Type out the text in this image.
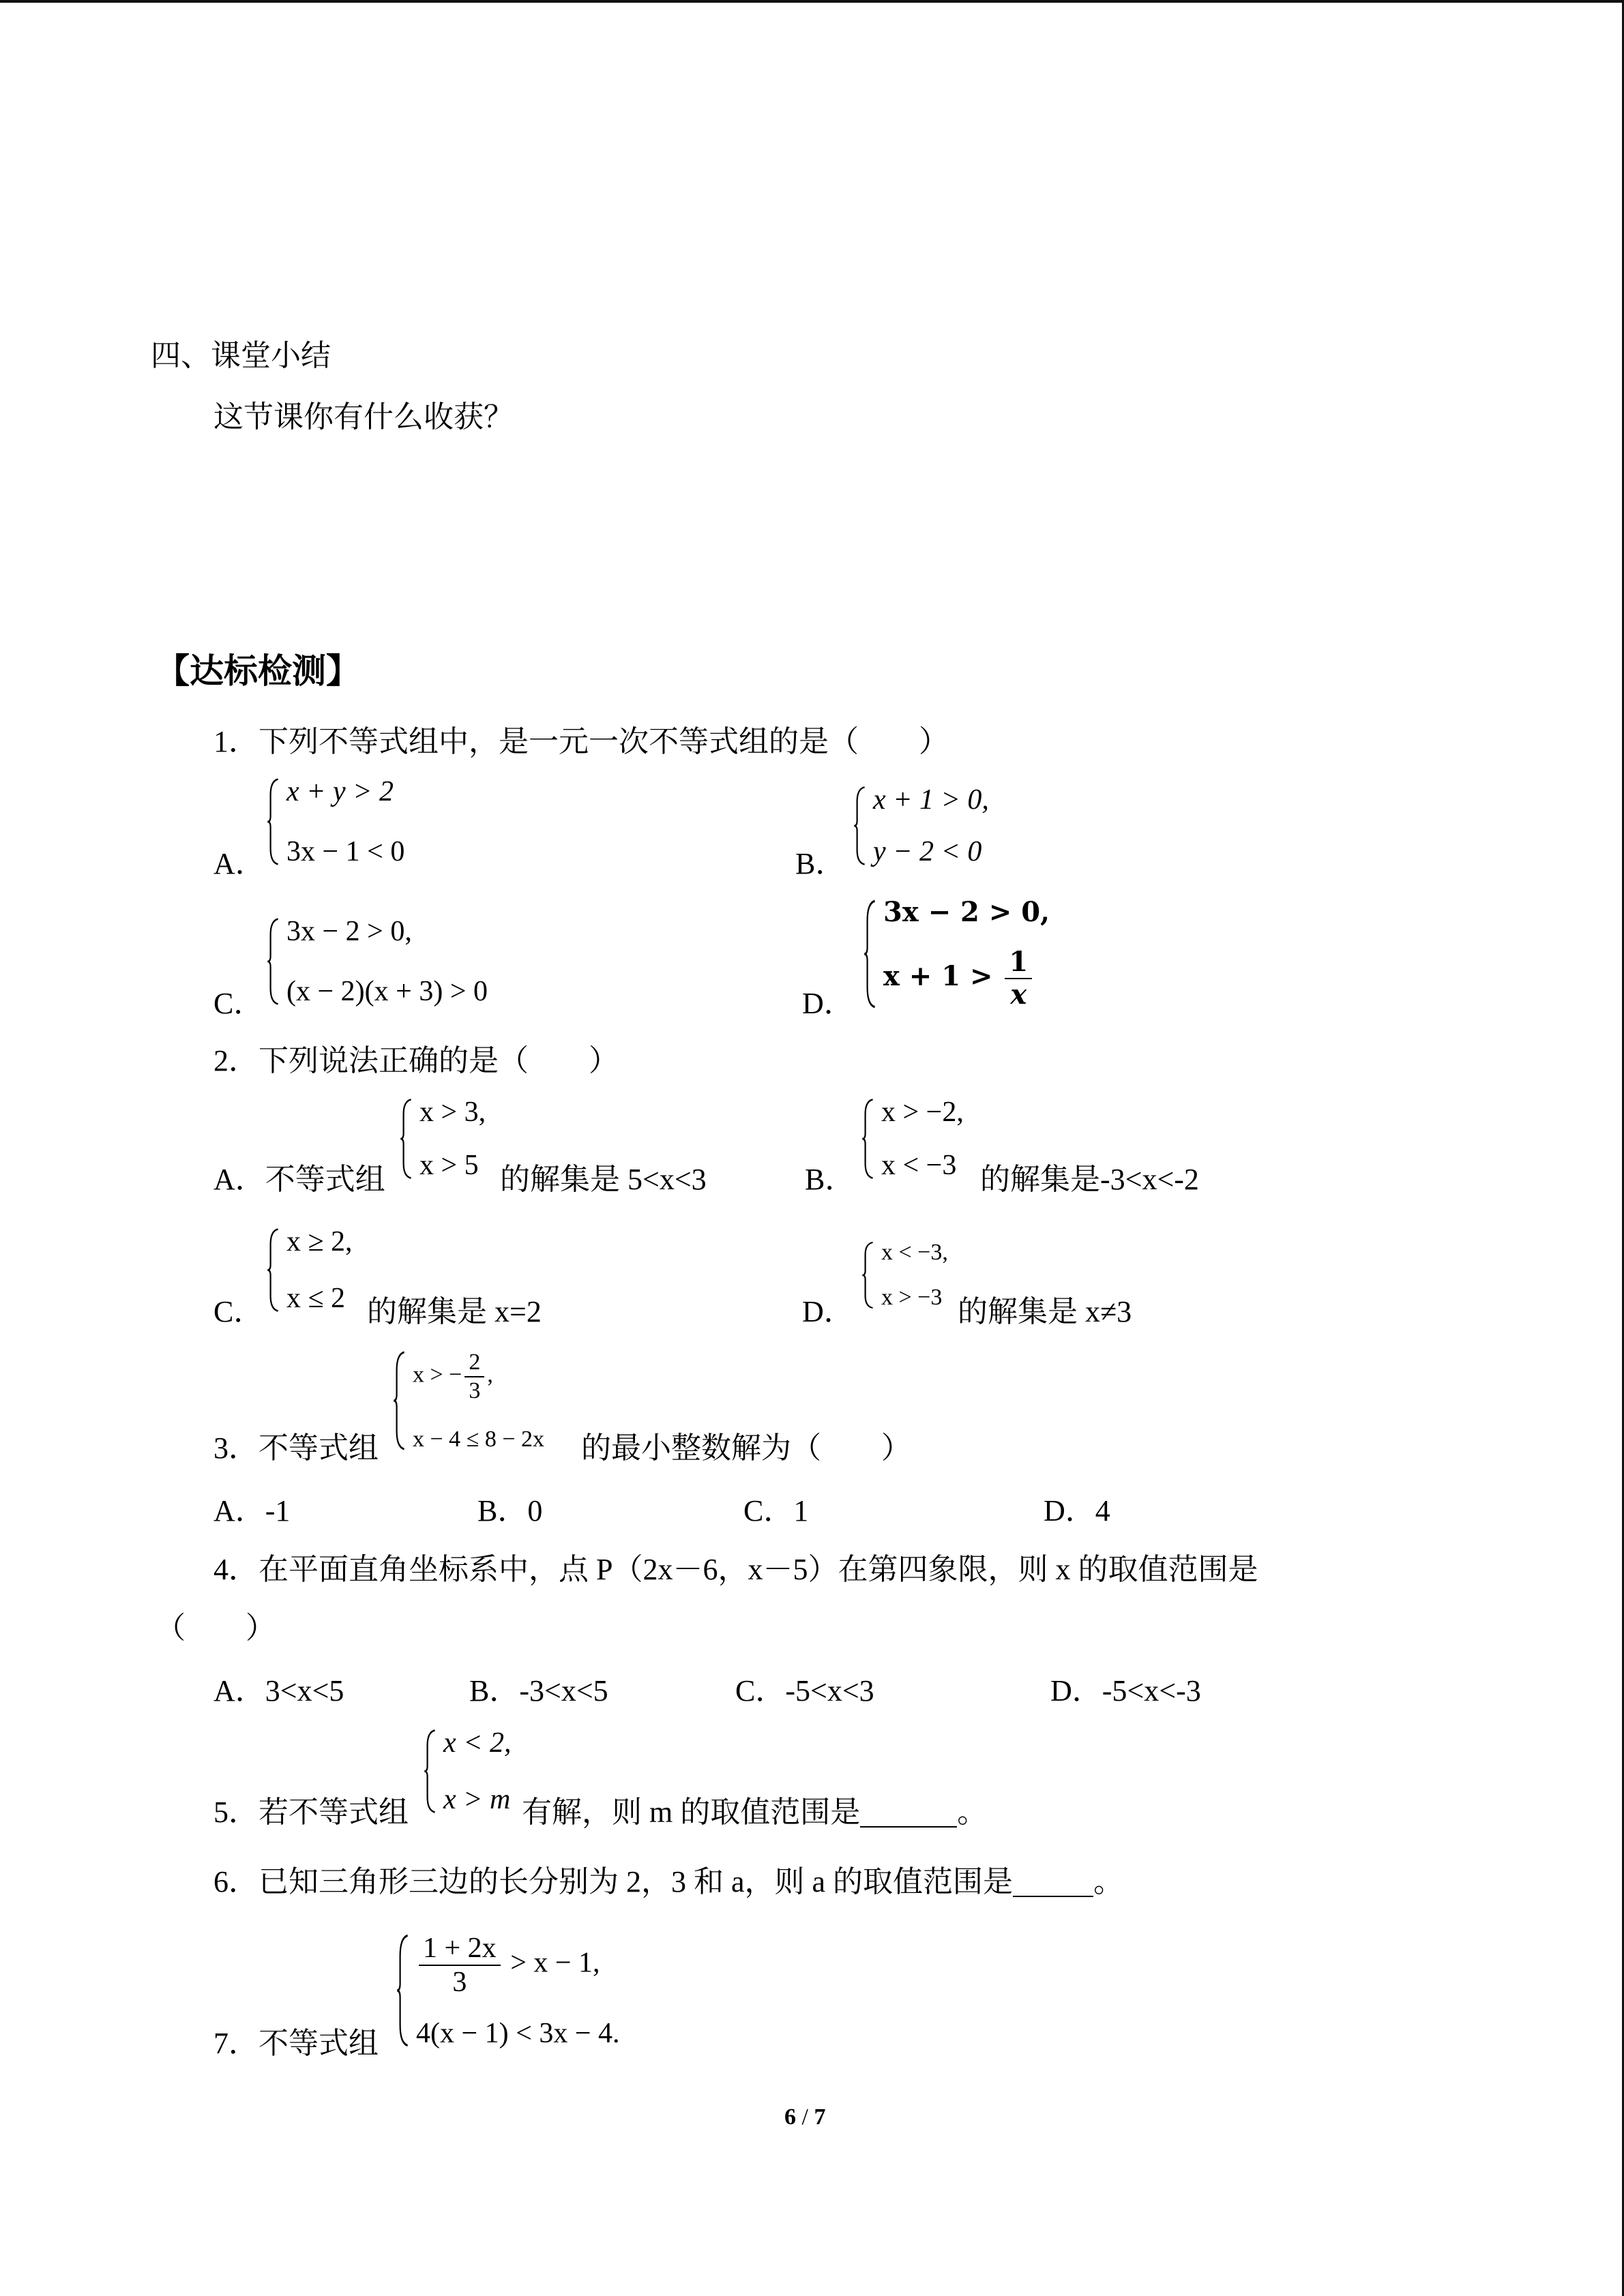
四、课堂小结
这节课你有什么收获？
【达标检测】
1．下列不等式组中，是一元一次不等式组的是（　　）
A．
x + y > 2
3x − 1 < 0	B．
x + 1 > 0,
y − 2 < 0
C．
3x − 2 > 0,
(x − 2)(x + 3) > 0	D．
3x − 2 > 0,
$x + 1 > \frac{1}{x}$
2．下列说法正确的是（　　）
A．不等式组
x > 3,
x > 5 的解集是 5<x<3	B．
x > −2,
x < −3 的解集是-3<x<-2
C．
x ≥ 2,
x ≤ 2 的解集是 x=2	D．
x < −3,
x > −3 的解集是 x≠3
3．不等式组
x > − $\frac{2}{3}$ ,
x − 4 ≤ 8 − 2x 的最小整数解为（　　）
A．-1	B．0	C．1	D．4
4．在平面直角坐标系中，点 P（2x－6，x－5）在第四象限，则 x 的取值范围是
（　　）
A．3<x<5	B．-3<x<5	C．-5<x<3	D．-5<x<-3
5．若不等式组
x < 2,
x > m 有解，则 m 的取值范围是	。
6．已知三角形三边的长分别为 2，3 和 a，则 a 的取值范围是	。
7．不等式组
$\frac{1 + 2x}{3} > x - 1$,
4(x − 1) < 3x − 4.
6 / 7
